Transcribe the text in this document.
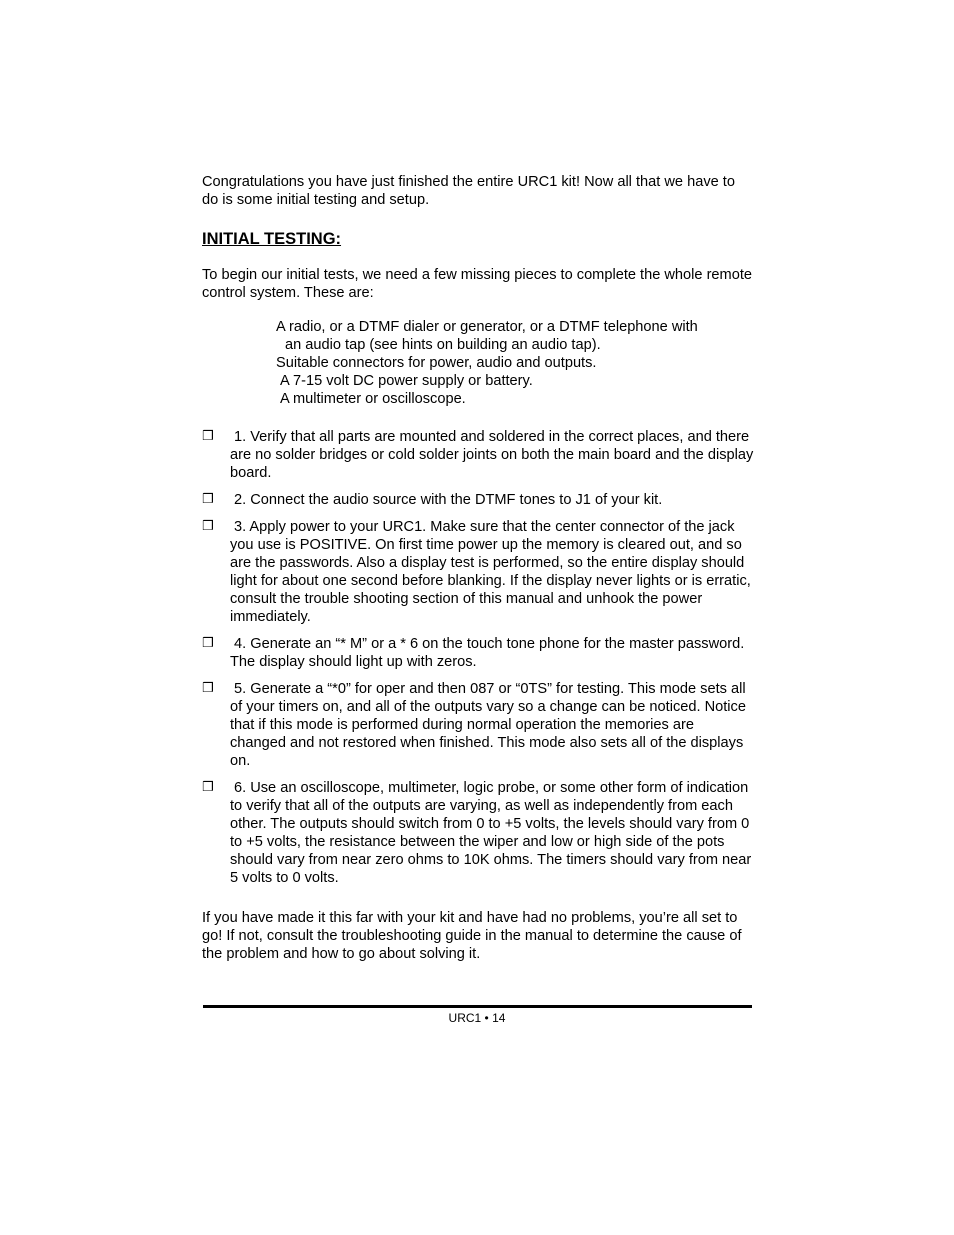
Congratulations you have just finished the entire URC1 kit! Now all that we have to do is some initial testing and setup.

INITIAL TESTING:

To begin our initial tests, we need a few missing pieces to complete the whole remote control system. These are:

A radio, or a DTMF dialer or generator, or a DTMF telephone with
an audio tap (see hints on building an audio tap).
Suitable connectors for power, audio and outputs.
A 7-15 volt DC power supply or battery.
A multimeter or oscilloscope.
❒ 1. Verify that all parts are mounted and soldered in the correct places, and there are no solder bridges or cold solder joints on both the main board and the display board.
❒ 2. Connect the audio source with the DTMF tones to J1 of your kit.
❒ 3. Apply power to your URC1. Make sure that the center connector of the jack you use is POSITIVE. On first time power up the memory is cleared out, and so are the passwords. Also a display test is performed, so the entire display should light for about one second before blanking. If the display never lights or is erratic, consult the trouble shooting section of this manual and unhook the power immediately.
❒ 4. Generate an “* M” or a * 6 on the touch tone phone for the master password. The display should light up with zeros.
❒ 5. Generate a “*0” for oper and then 087 or “0TS” for testing. This mode sets all of your timers on, and all of the outputs vary so a change can be noticed. Notice that if this mode is performed during normal operation the memories are changed and not restored when finished. This mode also sets all of the displays on.
❒ 6. Use an oscilloscope, multimeter, logic probe, or some other form of indication to verify that all of the outputs are varying, as well as independently from each other. The outputs should switch from 0 to +5 volts, the levels should vary from 0 to +5 volts, the resistance between the wiper and low or high side of the pots should vary from near zero ohms to 10K ohms. The timers should vary from near 5 volts to 0 volts.

If you have made it this far with your kit and have had no problems, you’re all set to go! If not, consult the troubleshooting guide in the manual to determine the cause of the problem and how to go about solving it.

URC1 • 14
